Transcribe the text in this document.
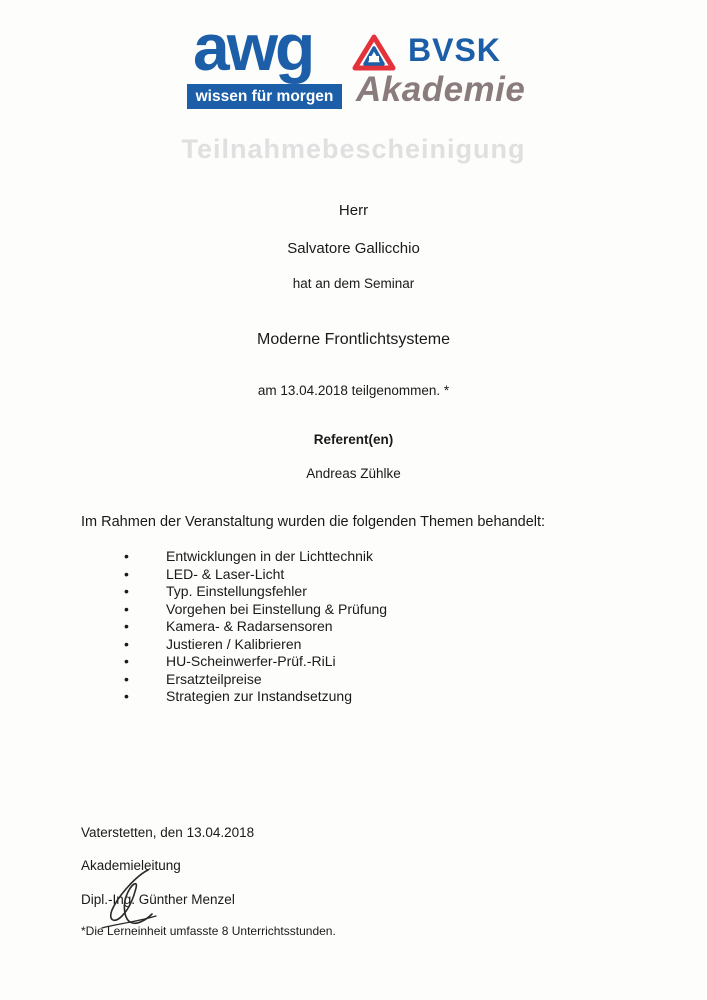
awg
wissen für morgen
BVSK
Akademie
Teilnahmebescheinigung
Herr
Salvatore Gallicchio
hat an dem Seminar
Moderne Frontlichtsysteme
am 13.04.2018 teilgenommen. *
Referent(en)
Andreas Zühlke
Im Rahmen der Veranstaltung wurden die folgenden Themen behandelt:
•	Entwicklungen in der Lichttechnik
•	LED- & Laser-Licht
•	Typ. Einstellungsfehler
•	Vorgehen bei Einstellung & Prüfung
•	Kamera- & Radarsensoren
•	Justieren / Kalibrieren
•	HU-Scheinwerfer-Prüf.-RiLi
•	Ersatzteilpreise
•	Strategien zur Instandsetzung
Vaterstetten, den 13.04.2018
Akademieleitung
Dipl.-Ing. Günther Menzel
*Die Lerneinheit umfasste 8 Unterrichtsstunden.
